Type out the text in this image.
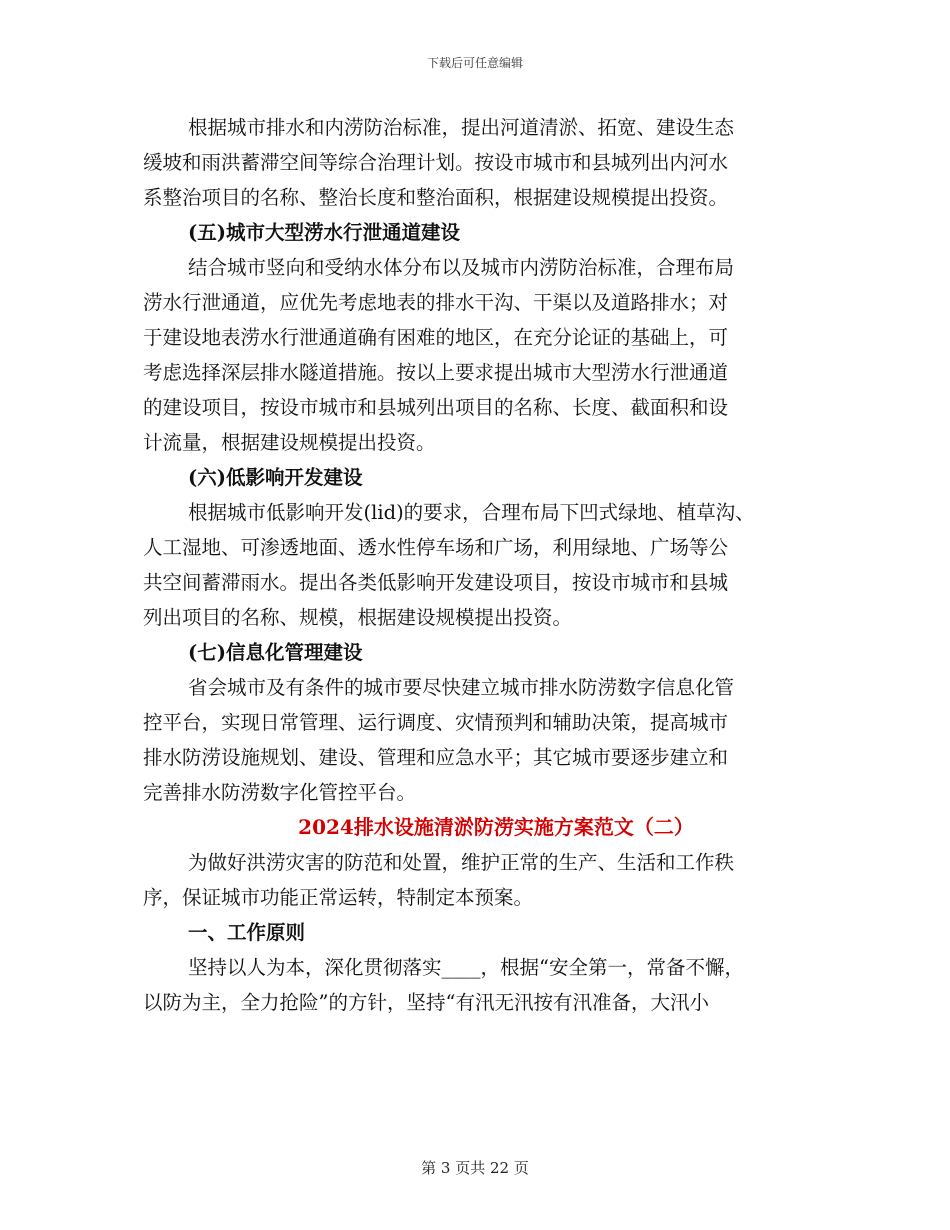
下载后可任意编辑
根据城市排水和内涝防治标准，提出河道清淤、拓宽、建设生态
缓坡和雨洪蓄滞空间等综合治理计划。按设市城市和县城列出内河水
系整治项目的名称、整治长度和整治面积，根据建设规模提出投资。
(五)城市大型涝水行泄通道建设
结合城市竖向和受纳水体分布以及城市内涝防治标准，合理布局
涝水行泄通道，应优先考虑地表的排水干沟、干渠以及道路排水；对
于建设地表涝水行泄通道确有困难的地区，在充分论证的基础上，可
考虑选择深层排水隧道措施。按以上要求提出城市大型涝水行泄通道
的建设项目，按设市城市和县城列出项目的名称、长度、截面积和设
计流量，根据建设规模提出投资。
(六)低影响开发建设
根据城市低影响开发(lid)的要求，合理布局下凹式绿地、植草沟、
人工湿地、可渗透地面、透水性停车场和广场，利用绿地、广场等公
共空间蓄滞雨水。提出各类低影响开发建设项目，按设市城市和县城
列出项目的名称、规模，根据建设规模提出投资。
(七)信息化管理建设
省会城市及有条件的城市要尽快建立城市排水防涝数字信息化管
控平台，实现日常管理、运行调度、灾情预判和辅助决策，提高城市
排水防涝设施规划、建设、管理和应急水平；其它城市要逐步建立和
完善排水防涝数字化管控平台。
2024排水设施清淤防涝实施方案范文（二）
为做好洪涝灾害的防范和处置，维护正常的生产、生活和工作秩
序，保证城市功能正常运转，特制定本预案。
一、工作原则
坚持以人为本，深化贯彻落实____，根据“安全第一，常备不懈，
以防为主，全力抢险”的方针，坚持“有汛无汛按有汛准备，大汛小
第 3 页共 22 页
